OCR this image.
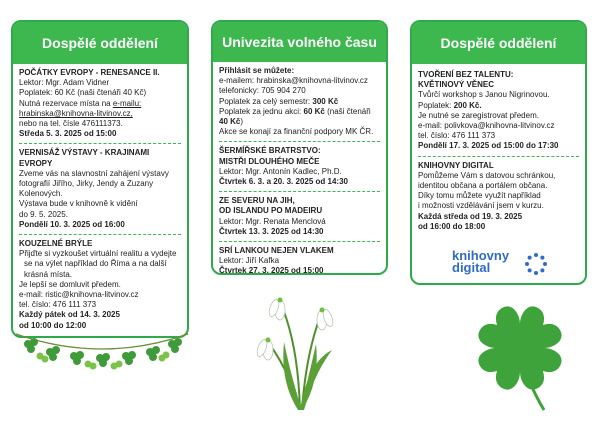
Dospělé oddělení
POČÁTKY EVROPY - RENESANCE II.
Lektor: Mgr. Adam Vidner
Poplatek: 60 Kč (naši čtenáři 40 Kč)
Nutná rezervace místa na e-mailu:
hrabinska@knihovna-litvinov.cz,
nebo na tel. čísle 476111373.
Středa 5. 3. 2025 od 15:00
VERNISÁŽ VÝSTAVY - KRAJINAMI EVROPY
Zveme vás na slavnostní zahájení výstavy
fotografií Jiřího, Jirky, Jendy a Zuzany
Kolenových.
Výstava bude v knihovně k vidění
do 9. 5. 2025.
Pondělí 10. 3. 2025 od 16:00
KOUZELNÉ BRÝLE
Přijďte si vyzkoušet virtuální realitu a vydejte
se na výlet například do Říma a na další
krásná místa.
Je lepší se domluvit předem.
e-mail: ristic@knihovna-litvinov.cz
tel. číslo: 476 111 373
Každý pátek od 14. 3. 2025
od 10:00 do 12:00
Univezita volného času
Přihlásit se můžete:
e-mailem: hrabinska@knihovna-litvinov.cz
telefonicky: 705 904 270
Poplatek za celý semestr: 300 Kč
Poplatek za jednu akci: 60 Kč (naši čtenáři 40 Kč)
Akce se konají za finanční podpory MK ČR.
ŠERMÍŘSKÉ BRATRSTVO:
MISTŘI DLOUHÉHO MEČE
Lektor: Mgr. Antonín Kadlec, Ph.D.
Čtvrtek 6. 3. a 20. 3. 2025 od 14:30
ZE SEVERU NA JIH,
OD ISLANDU PO MADEIRU
Lektor: Mgr. Renata Menclová
Čtvrtek 13. 3. 2025 od 14:30
SRÍ LANKOU NEJEN VLAKEM
Lektor: Jiří Kafka
Čtvrtek 27. 3. 2025 od 15:00
Dospělé oddělení
TVOŘENÍ BEZ TALENTU:
KVĚTINOVÝ VĚNEC
Tvůrčí workshop s Janou Nigrinovou.
Poplatek: 200 Kč.
Je nutné se zaregistrovat předem.
e-mail: polivkova@knihovna-litvinov.cz
tel. číslo: 476 111 373
Pondělí 17. 3. 2025 od 15:00 do 17:30
KNIHOVNY DIGITAL
Pomůžeme Vám s datovou schránkou,
identitou občana a portálem občana.
Díky tomu můžete využít například
i možnosti vzdělávání jsem v kurzu.
Každá středa od 19. 3. 2025
od 16:00 do 18:00
knihovny
digital
